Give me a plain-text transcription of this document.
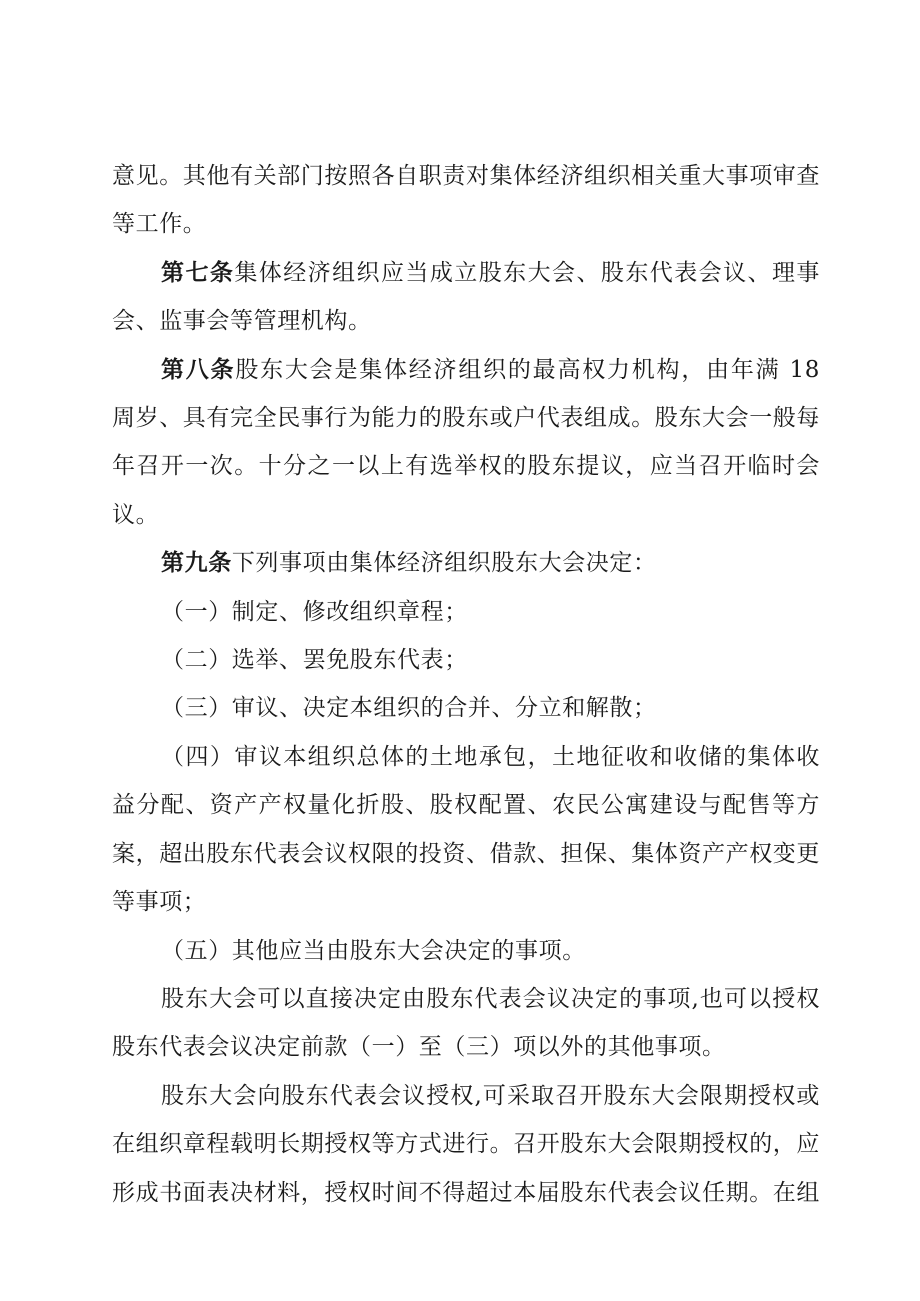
意见。其他有关部门按照各自职责对集体经济组织相关重大事项审查等工作。

第七条集体经济组织应当成立股东大会、股东代表会议、理事会、监事会等管理机构。

第八条股东大会是集体经济组织的最高权力机构，由年满 18 周岁、具有完全民事行为能力的股东或户代表组成。股东大会一般每年召开一次。十分之一以上有选举权的股东提议，应当召开临时会议。

第九条下列事项由集体经济组织股东大会决定：

（一）制定、修改组织章程；

（二）选举、罢免股东代表；

（三）审议、决定本组织的合并、分立和解散；

（四）审议本组织总体的土地承包，土地征收和收储的集体收益分配、资产产权量化折股、股权配置、农民公寓建设与配售等方案，超出股东代表会议权限的投资、借款、担保、集体资产产权变更等事项；

（五）其他应当由股东大会决定的事项。

股东大会可以直接决定由股东代表会议决定的事项,也可以授权股东代表会议决定前款（一）至（三）项以外的其他事项。

股东大会向股东代表会议授权,可采取召开股东大会限期授权或在组织章程载明长期授权等方式进行。召开股东大会限期授权的，应形成书面表决材料，授权时间不得超过本届股东代表会议任期。在组
